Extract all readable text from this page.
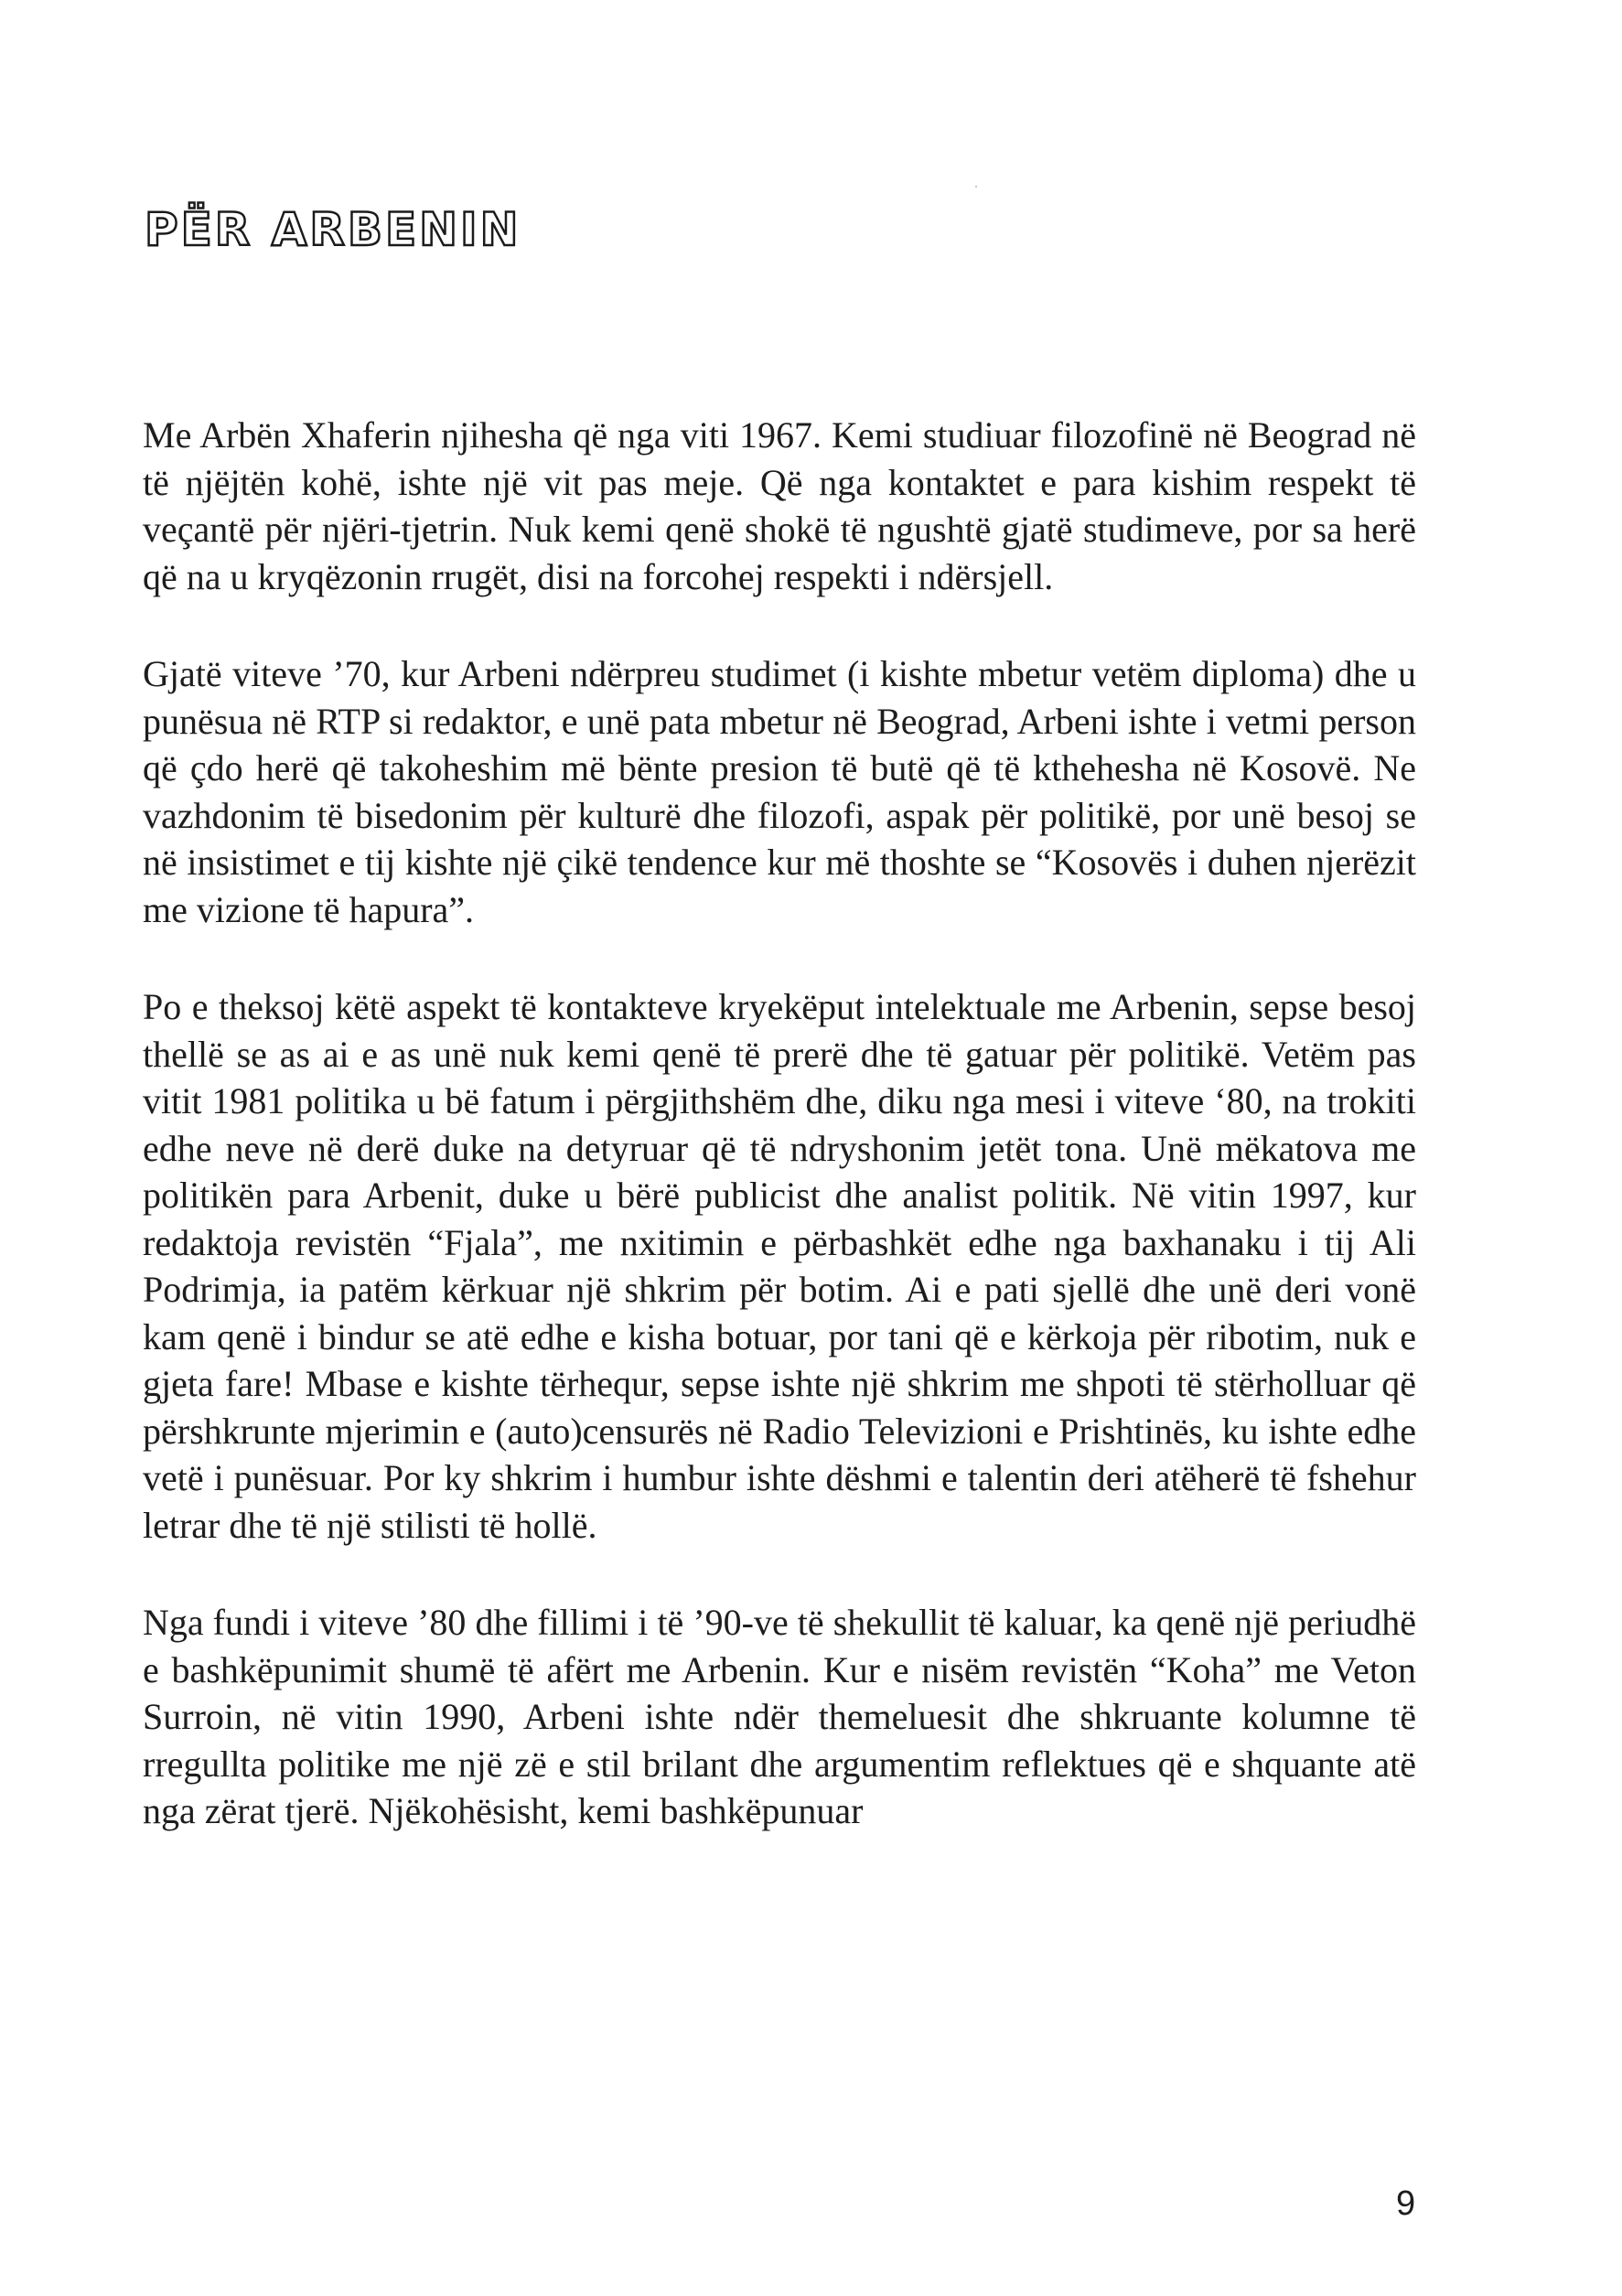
PËR ARBENIN

Me Arbën Xhaferin njihesha që nga viti 1967. Kemi studiuar filozofinë në Beograd në të njëjtën kohë, ishte një vit pas meje. Që nga kontaktet e para kishim respekt të veçantë për njëri-tjetrin. Nuk kemi qenë shokë të ngushtë gjatë studimeve, por sa herë që na u kryqëzonin rrugët, disi na forcohej respekti i ndërsjell.

Gjatë viteve ’70, kur Arbeni ndërpreu studimet (i kishte mbetur vetëm diploma) dhe u punësua në RTP si redaktor, e unë pata mbetur në Beograd, Arbeni ishte i vetmi person që çdo herë që takoheshim më bënte presion të butë që të kthehesha në Kosovë. Ne vazhdonim të bisedonim për kulturë dhe filozofi, aspak për politikë, por unë besoj se në insistimet e tij kishte një çikë tendence kur më thoshte se “Kosovës i duhen njerëzit me vizione të hapura”.

Po e theksoj këtë aspekt të kontakteve kryekëput intelektuale me Arbenin, sepse besoj thellë se as ai e as unë nuk kemi qenë të prerë dhe të gatuar për politikë. Vetëm pas vitit 1981 politika u bë fatum i përgjithshëm dhe, diku nga mesi i viteve ‘80, na trokiti edhe neve në derë duke na detyruar që të ndryshonim jetët tona. Unë mëkatova me politikën para Arbenit, duke u bërë publicist dhe analist politik. Në vitin 1997, kur redaktoja revistën “Fjala”, me nxitimin e përbashkët edhe nga baxhanaku i tij Ali Podrimja, ia patëm kërkuar një shkrim për botim. Ai e pati sjellë dhe unë deri vonë kam qenë i bindur se atë edhe e kisha botuar, por tani që e kërkoja për ribotim, nuk e gjeta fare! Mbase e kishte tërhequr, sepse ishte një shkrim me shpoti të stërholluar që përshkrunte mjerimin e (auto)censurës në Radio Televizioni e Prishtinës, ku ishte edhe vetë i punësuar. Por ky shkrim i humbur ishte dëshmi e talentin deri atëherë të fshehur letrar dhe të një stilisti të hollë.

Nga fundi i viteve ’80 dhe fillimi i të ’90-ve të shekullit të kaluar, ka qenë një periudhë e bashkëpunimit shumë të afërt me Arbenin. Kur e nisëm revistën “Koha” me Veton Surroin, në vitin 1990, Arbeni ishte ndër themeluesit dhe shkruante kolumne të rregullta politike me një zë e stil brilant dhe argumentim reflektues që e shquante atë nga zërat tjerë. Njëkohësisht, kemi bashkëpunuar

9
